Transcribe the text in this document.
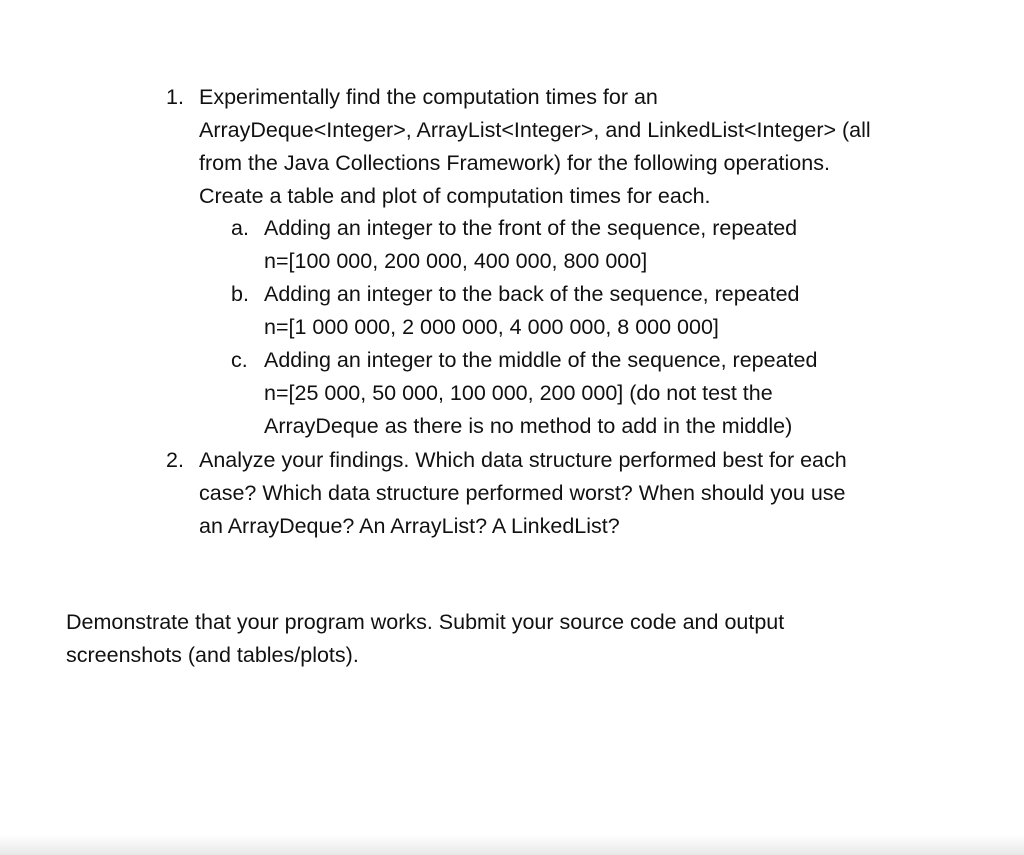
1. Experimentally find the computation times for an
ArrayDeque<Integer>, ArrayList<Integer>, and LinkedList<Integer> (all
from the Java Collections Framework) for the following operations.
Create a table and plot of computation times for each.
a. Adding an integer to the front of the sequence, repeated
n=[100 000, 200 000, 400 000, 800 000]
b. Adding an integer to the back of the sequence, repeated
n=[1 000 000, 2 000 000, 4 000 000, 8 000 000]
c. Adding an integer to the middle of the sequence, repeated
n=[25 000, 50 000, 100 000, 200 000] (do not test the
ArrayDeque as there is no method to add in the middle)
2. Analyze your findings. Which data structure performed best for each
case? Which data structure performed worst? When should you use
an ArrayDeque? An ArrayList? A LinkedList?
Demonstrate that your program works. Submit your source code and output
screenshots (and tables/plots).
